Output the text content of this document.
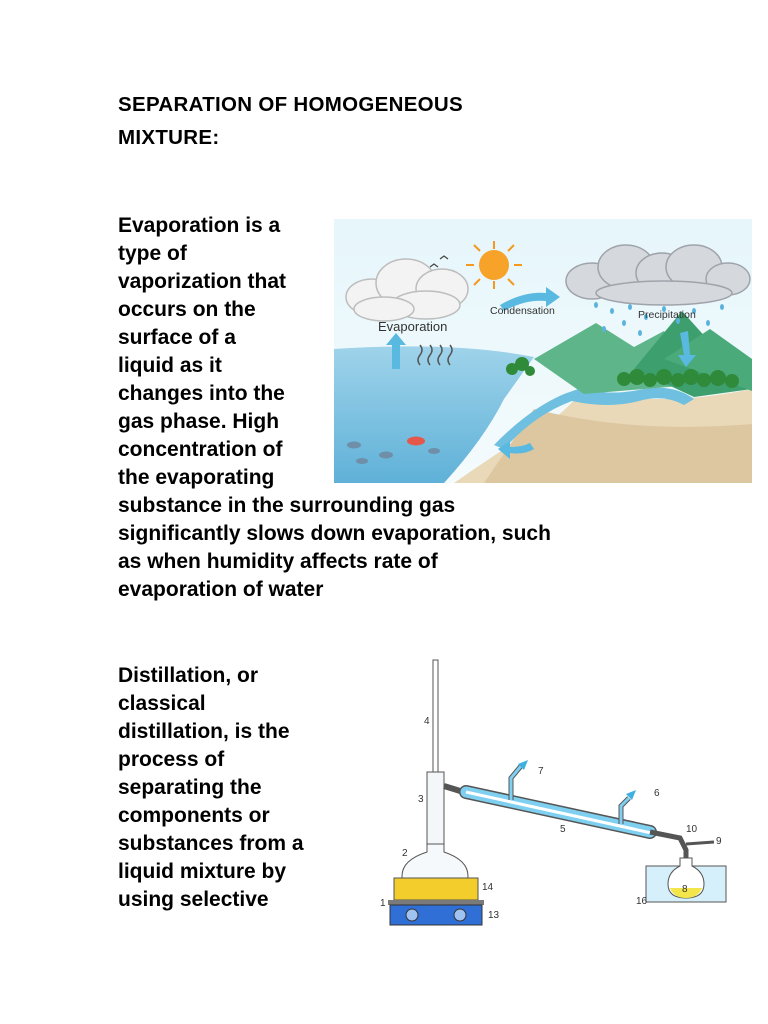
SEPARATION OF HOMOGENEOUS
MIXTURE:
Evaporation is a
type of
vaporization that
occurs on the
surface of a
liquid as it
changes into the
gas phase. High
concentration of
the evaporating
substance in the surrounding gas
significantly slows down evaporation, such
as when humidity affects rate of
evaporation of water
Evaporation
Condensation	Precipitation
Distillation, or
classical
distillation, is the
process of
separating the
components or
substances from a
liquid mixture by
using selective	1
2
3
4
5
6
7
8
9
10
13
14
16
